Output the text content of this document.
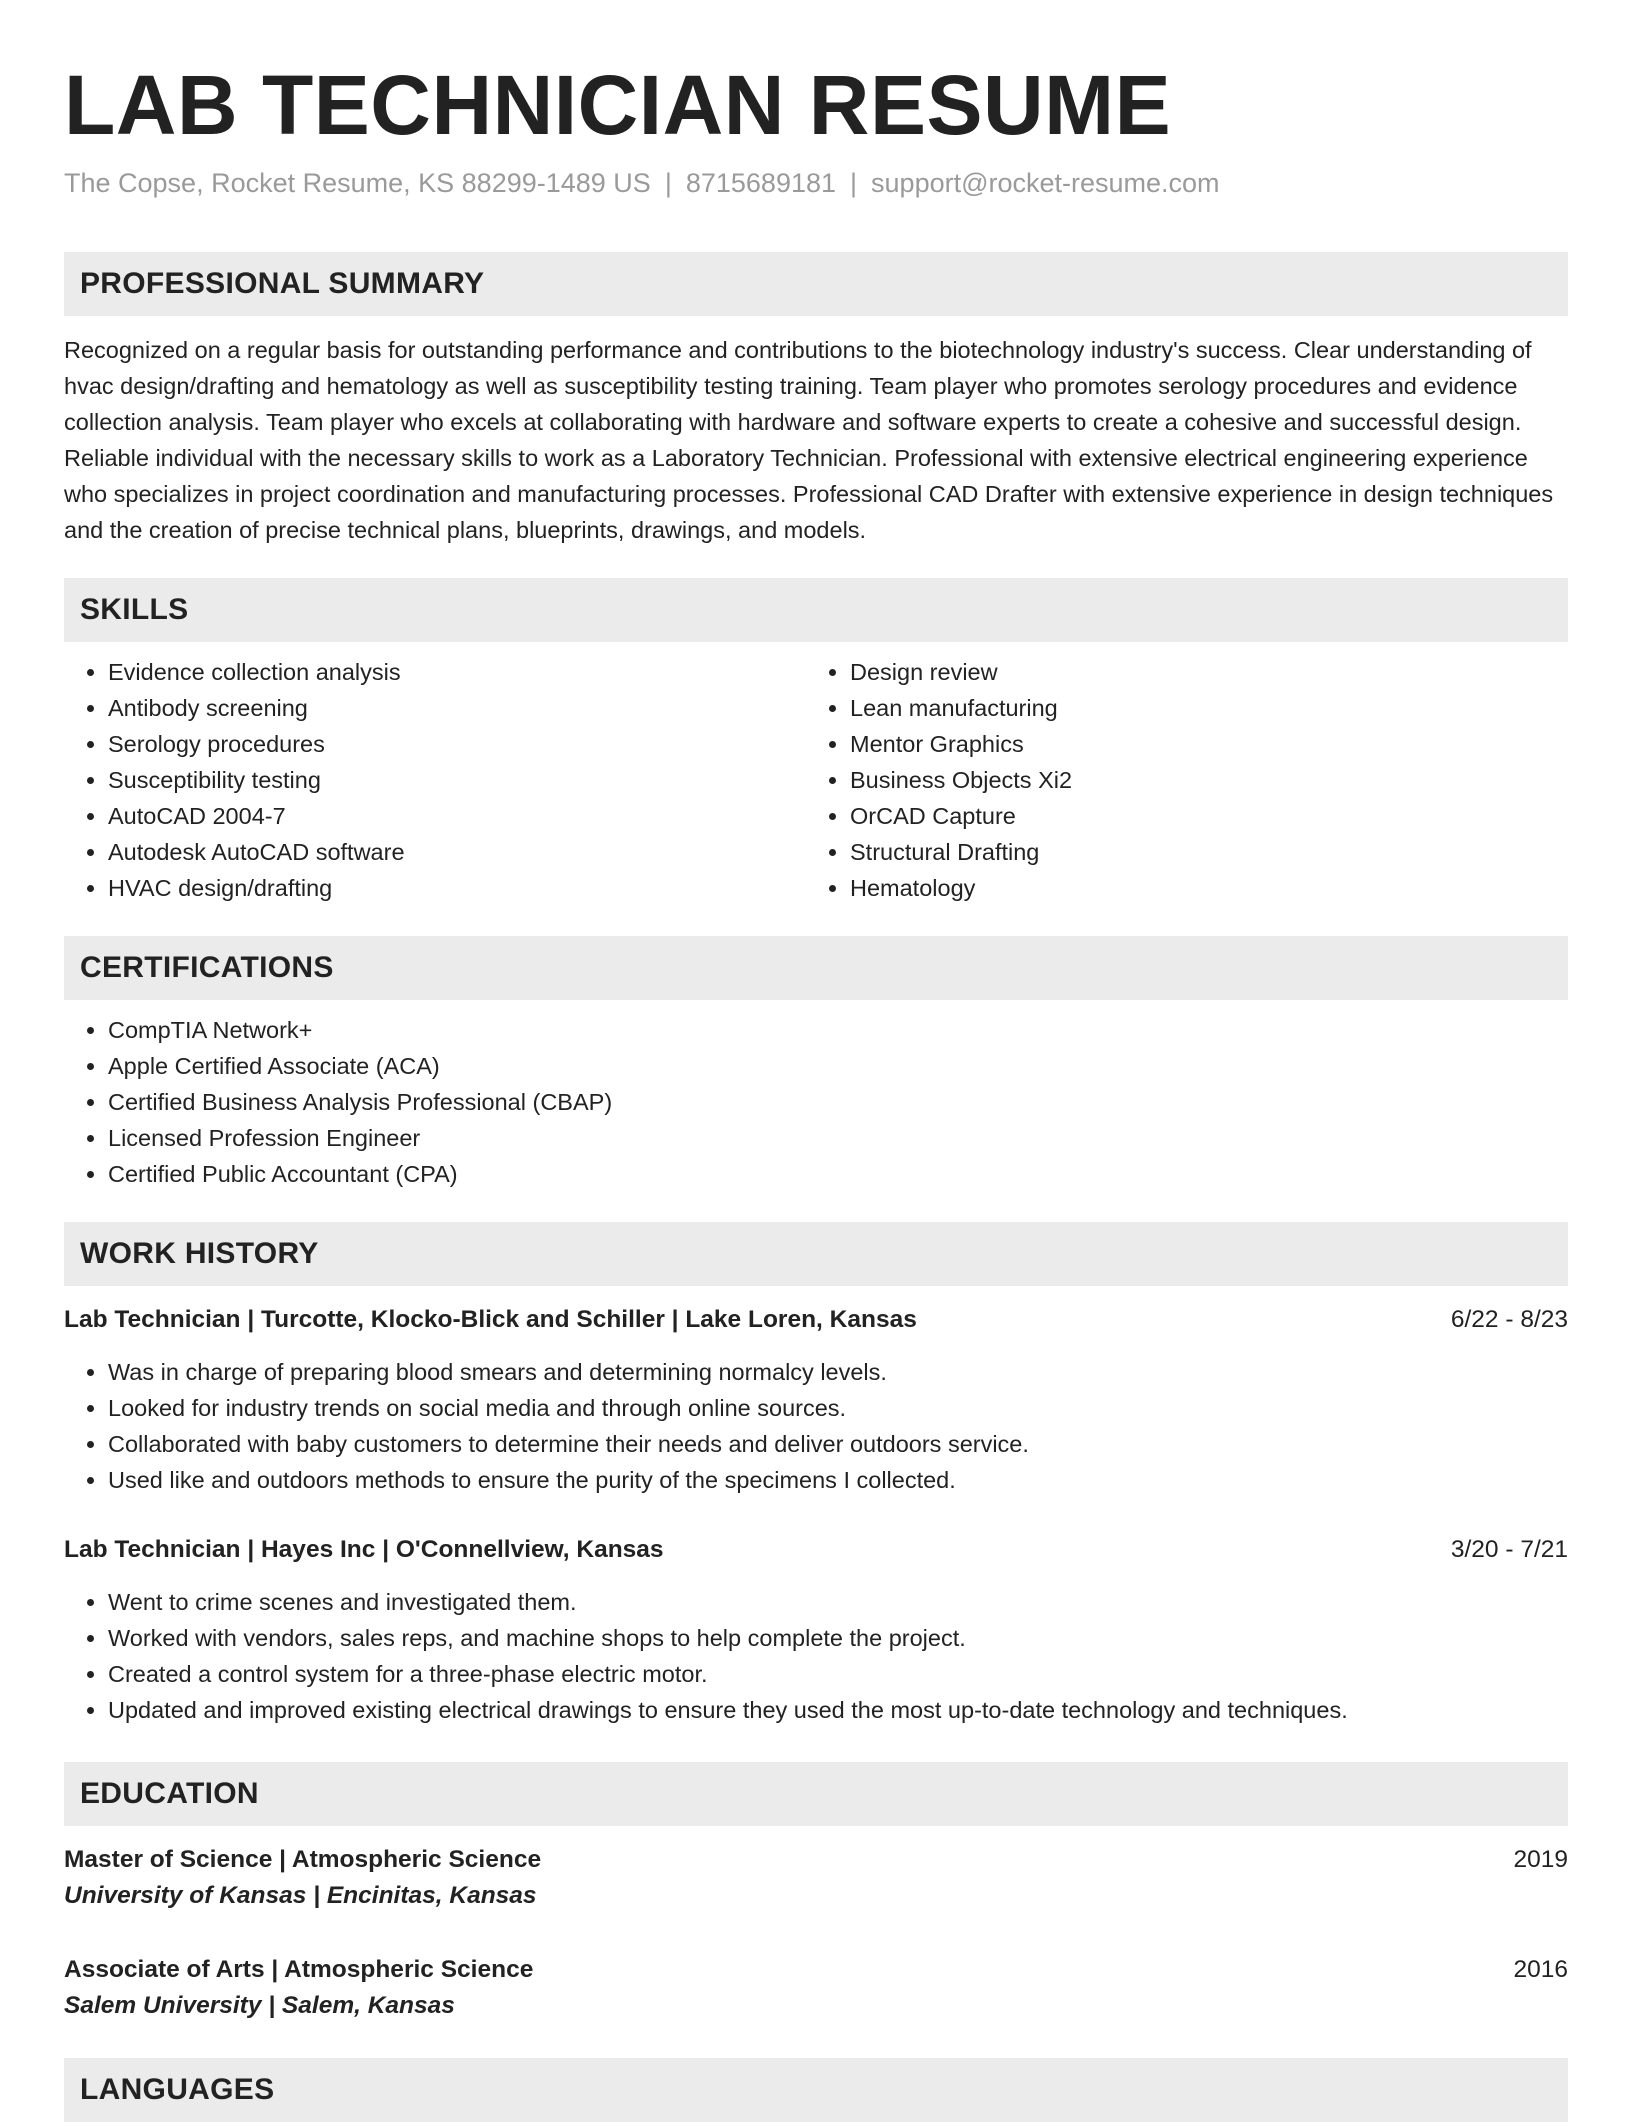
LAB TECHNICIAN RESUME
The Copse, Rocket Resume, KS 88299-1489 US | 8715689181 | support@rocket-resume.com
PROFESSIONAL SUMMARY

Recognized on a regular basis for outstanding performance and contributions to the biotechnology industry's success. Clear understanding of hvac design/drafting and hematology as well as susceptibility testing training. Team player who promotes serology procedures and evidence collection analysis. Team player who excels at collaborating with hardware and software experts to create a cohesive and successful design. Reliable individual with the necessary skills to work as a Laboratory Technician. Professional with extensive electrical engineering experience who specializes in project coordination and manufacturing processes. Professional CAD Drafter with extensive experience in design techniques and the creation of precise technical plans, blueprints, drawings, and models.

SKILLS
• Evidence collection analysis
• Antibody screening
• Serology procedures
• Susceptibility testing
• AutoCAD 2004-7
• Autodesk AutoCAD software
• HVAC design/drafting
• Design review
• Lean manufacturing
• Mentor Graphics
• Business Objects Xi2
• OrCAD Capture
• Structural Drafting
• Hematology
CERTIFICATIONS
• CompTIA Network+
• Apple Certified Associate (ACA)
• Certified Business Analysis Professional (CBAP)
• Licensed Profession Engineer
• Certified Public Accountant (CPA)
WORK HISTORY
Lab Technician | Turcotte, Klocko-Blick and Schiller | Lake Loren, Kansas	6/22 - 8/23
• Was in charge of preparing blood smears and determining normalcy levels.
• Looked for industry trends on social media and through online sources.
• Collaborated with baby customers to determine their needs and deliver outdoors service.
• Used like and outdoors methods to ensure the purity of the specimens I collected.
Lab Technician | Hayes Inc | O'Connellview, Kansas	3/20 - 7/21
• Went to crime scenes and investigated them.
• Worked with vendors, sales reps, and machine shops to help complete the project.
• Created a control system for a three-phase electric motor.
• Updated and improved existing electrical drawings to ensure they used the most up-to-date technology and techniques.
EDUCATION
Master of Science | Atmospheric Science	2019
University of Kansas | Encinitas, Kansas
Associate of Arts | Atmospheric Science	2016
Salem University | Salem, Kansas
LANGUAGES
